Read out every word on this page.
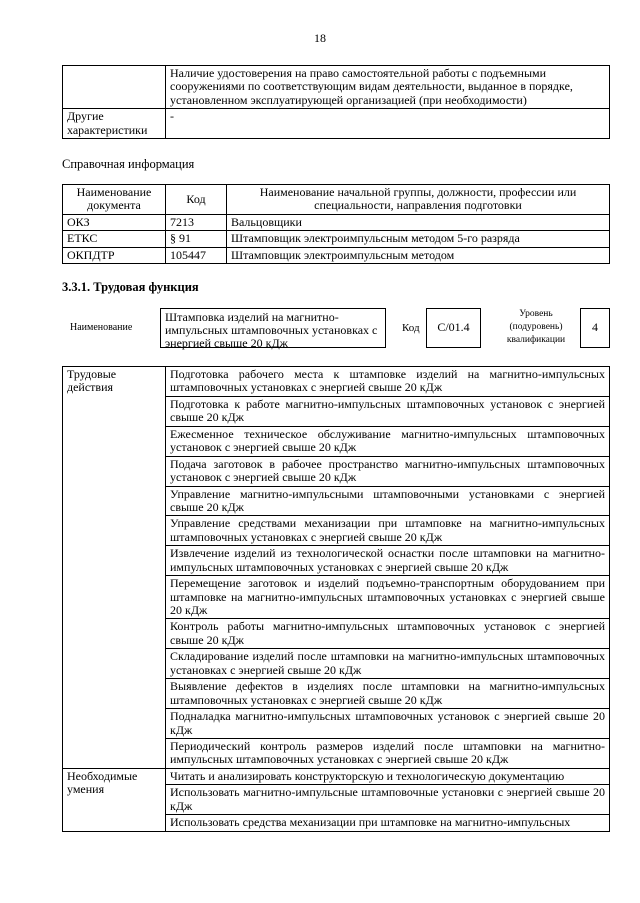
18
	Наличие удостоверения на право самостоятельной работы с подъемными сооружениями по соответствующим видам деятельности, выданное в порядке, установленном эксплуатирующей организацией (при необходимости)
Другие характеристики	-
Справочная информация
Наименование документа	Код	Наименование начальной группы, должности, профессии или специальности, направления подготовки
ОКЗ	7213	Вальцовщики
ЕТКС	§ 91	Штамповщик электроимпульсным методом 5-го разряда
ОКПДТР	105447	Штамповщик электроимпульсным методом
3.3.1. Трудовая функция
Наименование
Штамповка изделий на магнитно-импульсных штамповочных установках с энергией свыше 20 кДж
Код	C/01.4
Уровень (подуровень) квалификации
4
Трудовые действия	Подготовка рабочего места к штамповке изделий на магнитно-импульсных штамповочных установках с энергией свыше 20 кДж
	Подготовка к работе магнитно-импульсных штамповочных установок с энергией свыше 20 кДж
	Ежесменное техническое обслуживание магнитно-импульсных штамповочных установок с энергией свыше 20 кДж
	Подача заготовок в рабочее пространство магнитно-импульсных штамповочных установок с энергией свыше 20 кДж
	Управление магнитно-импульсными штамповочными установками с энергией свыше 20 кДж
	Управление средствами механизации при штамповке на магнитно-импульсных штамповочных установках с энергией свыше 20 кДж
	Извлечение изделий из технологической оснастки после штамповки на магнитно-импульсных штамповочных установках с энергией свыше 20 кДж
	Перемещение заготовок и изделий подъемно-транспортным оборудованием при штамповке на магнитно-импульсных штамповочных установках с энергией свыше 20 кДж
	Контроль работы магнитно-импульсных штамповочных установок с энергией свыше 20 кДж
	Складирование изделий после штамповки на магнитно-импульсных штамповочных установках с энергией свыше 20 кДж
	Выявление дефектов в изделиях после штамповки на магнитно-импульсных штамповочных установках с энергией свыше 20 кДж
	Подналадка магнитно-импульсных штамповочных установок с энергией свыше 20 кДж
	Периодический контроль размеров изделий после штамповки на магнитно-импульсных штамповочных установках с энергией свыше 20 кДж
Необходимые умения	Читать и анализировать конструкторскую и технологическую документацию
	Использовать магнитно-импульсные штамповочные установки с энергией свыше 20 кДж
	Использовать средства механизации при штамповке на магнитно-импульсных
